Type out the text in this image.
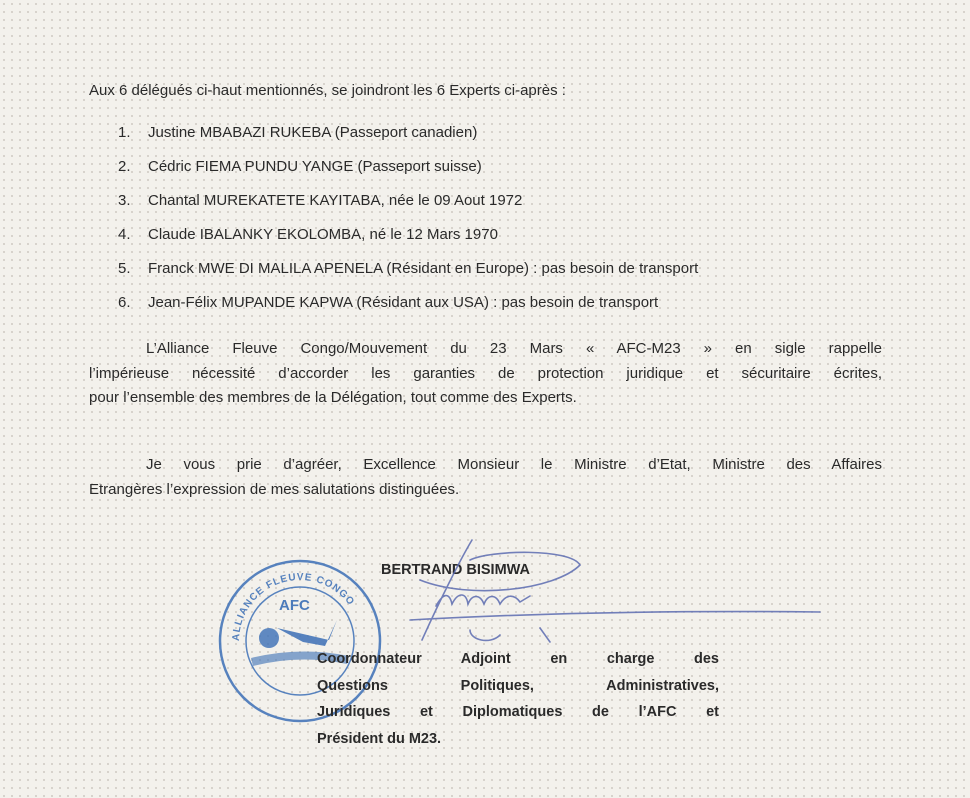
Aux 6 délégués ci-haut mentionnés, se joindront les 6 Experts ci-après :
1. Justine MBABAZI RUKEBA (Passeport canadien)
2. Cédric FIEMA PUNDU YANGE (Passeport suisse)
3. Chantal MUREKATETE KAYITABA, née le 09 Aout 1972
4. Claude IBALANKY EKOLOMBA, né le 12 Mars 1970
5. Franck MWE DI MALILA APENELA (Résidant en Europe) : pas besoin de transport
6. Jean-Félix MUPANDE KAPWA (Résidant aux USA) : pas besoin de transport
L’Alliance Fleuve Congo/Mouvement du 23 Mars « AFC-M23 » en sigle rappelle
l’impérieuse nécessité d’accorder les garanties de protection juridique et sécuritaire écrites,
pour l’ensemble des membres de la Délégation, tout comme des Experts.
Je vous prie d’agréer, Excellence Monsieur le Ministre d’Etat, Ministre des Affaires
Etrangères l’expression de mes salutations distinguées.
ALLIANCE FLEUVE CONGO
AFC
BERTRAND BISIMWA
Coordonnateur Adjoint en charge des
Questions Politiques, Administratives,
Juridiques et Diplomatiques de l’AFC et
Président du M23.
